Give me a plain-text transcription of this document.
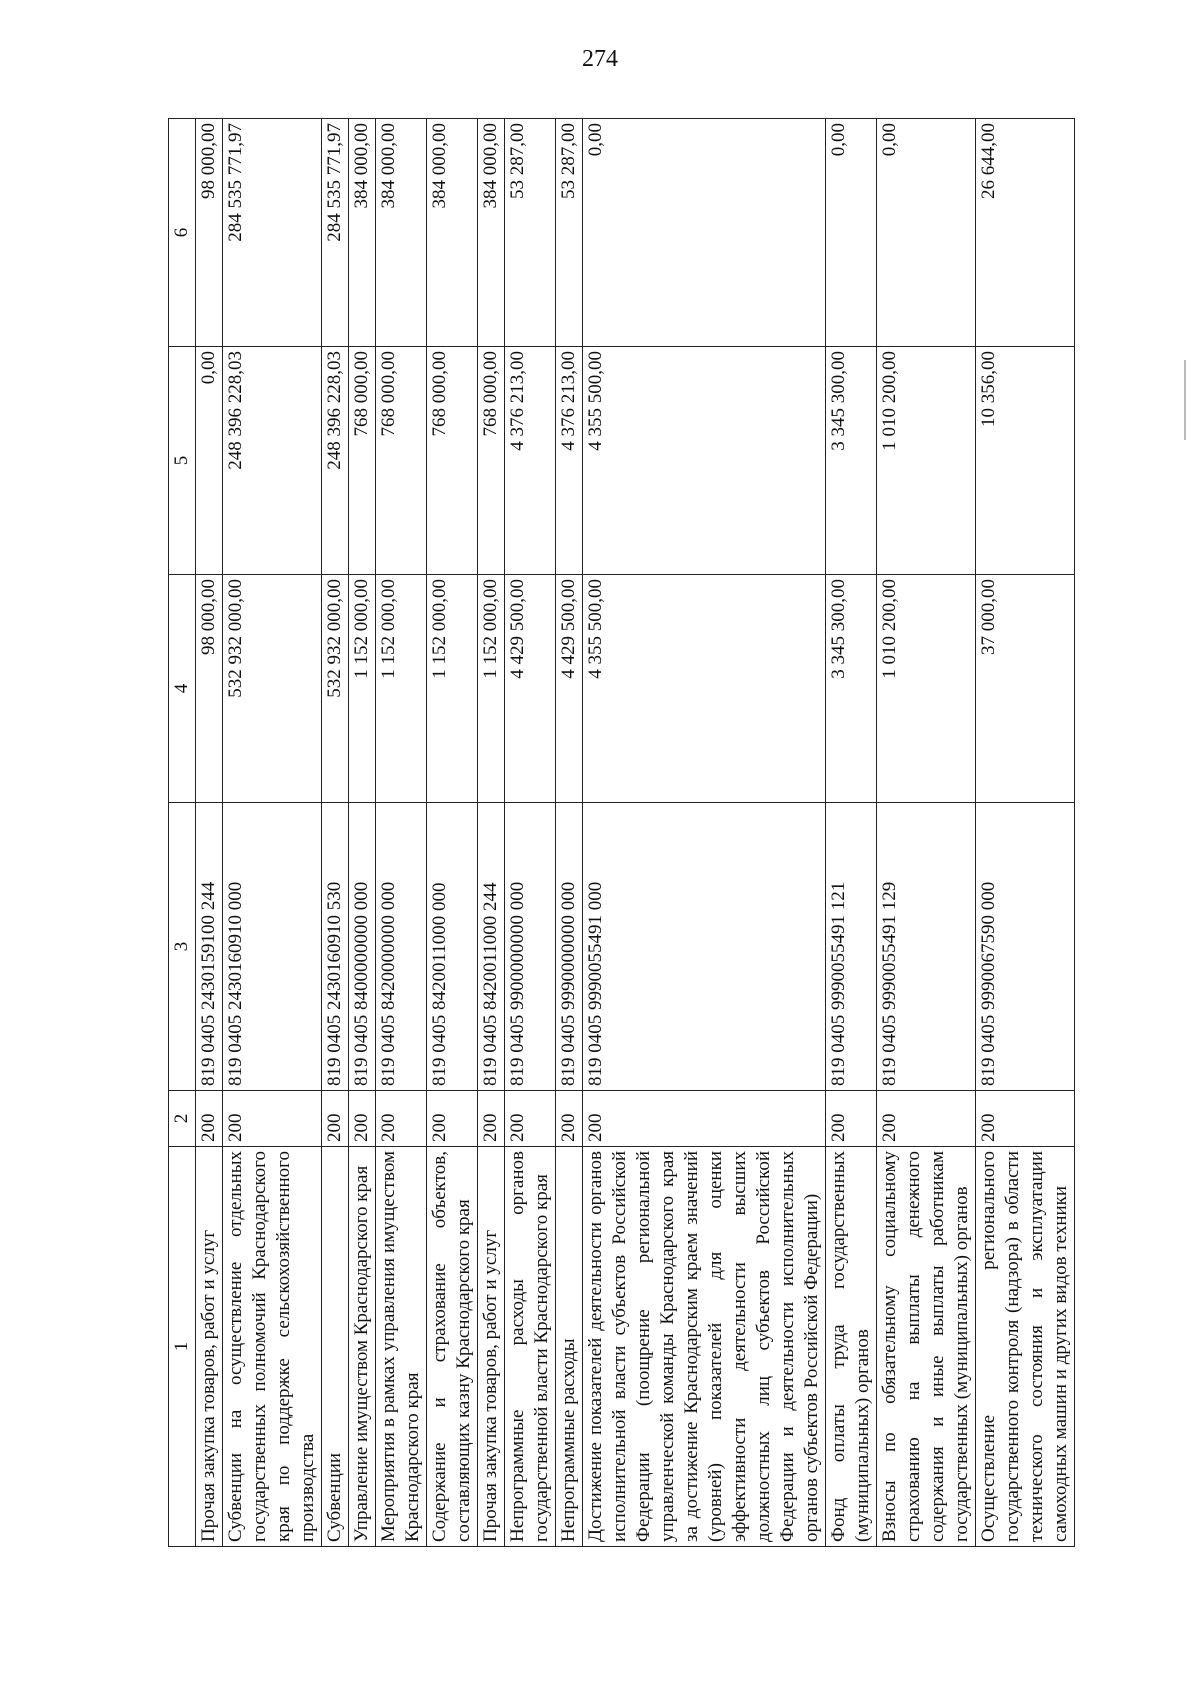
274
1	2	3	4	5	6
Прочая закупка товаров, работ и услуг	200	819 0405 2430159100 244	98 000,00	0,00	98 000,00
Субвенции на осуществление отдельных государственных полномочий Краснодарского края по поддержке сельскохозяйственного производства	200	819 0405 2430160910 000	532 932 000,00	248 396 228,03	284 535 771,97
Субвенции	200	819 0405 2430160910 530	532 932 000,00	248 396 228,03	284 535 771,97
Управление имуществом Краснодарского края	200	819 0405 8400000000 000	1 152 000,00	768 000,00	384 000,00
Мероприятия в рамках управления имуществом Краснодарского края	200	819 0405 8420000000 000	1 152 000,00	768 000,00	384 000,00
Содержание и страхование объектов, составляющих казну Краснодарского края	200	819 0405 8420011000 000	1 152 000,00	768 000,00	384 000,00
Прочая закупка товаров, работ и услуг	200	819 0405 8420011000 244	1 152 000,00	768 000,00	384 000,00
Непрограммные расходы органов государственной власти Краснодарского края	200	819 0405 9900000000 000	4 429 500,00	4 376 213,00	53 287,00
Непрограммные расходы	200	819 0405 9990000000 000	4 429 500,00	4 376 213,00	53 287,00
Достижение показателей деятельности органов исполнительной власти субъектов Российской Федерации (поощрение региональной управленческой команды Краснодарского края за достижение Краснодарским краем значений (уровней) показателей для оценки эффективности деятельности высших должностных лиц субъектов Российской Федерации и деятельности исполнительных органов субъектов Российской Федерации)	200	819 0405 9990055491 000	4 355 500,00	4 355 500,00	0,00
Фонд оплаты труда государственных (муниципальных) органов	200	819 0405 9990055491 121	3 345 300,00	3 345 300,00	0,00
Взносы по обязательному социальному страхованию на выплаты денежного содержания и иные выплаты работникам государственных (муниципальных) органов	200	819 0405 9990055491 129	1 010 200,00	1 010 200,00	0,00
Осуществление регионального государственного контроля (надзора) в области технического состояния и эксплуатации самоходных машин и других видов техники	200	819 0405 9990067590 000	37 000,00	10 356,00	26 644,00
